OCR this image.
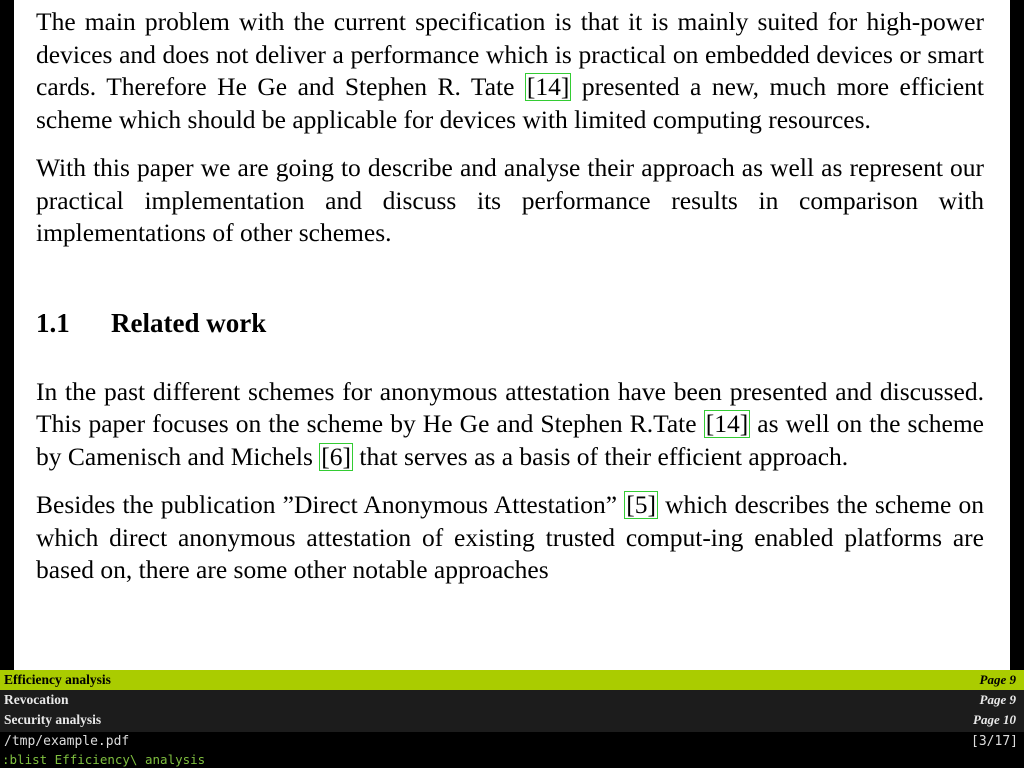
The main problem with the current specification is that it is mainly suited for high-power devices and does not deliver a performance which is practical on embedded devices or smart cards. Therefore He Ge and Stephen R. Tate [14] presented a new, much more efficient scheme which should be applicable for devices with limited computing resources.

With this paper we are going to describe and analyse their approach as well as represent our practical implementation and discuss its performance results in comparison with implementations of other schemes.

1.1 Related work

In the past different schemes for anonymous attestation have been presented and discussed. This paper focuses on the scheme by He Ge and Stephen R.Tate [14] as well on the scheme by Camenisch and Michels [6] that serves as a basis of their efficient approach.

Besides the publication ”Direct Anonymous Attestation” [5] which describes the scheme on which direct anonymous attestation of existing trusted comput-ing enabled platforms are based on, there are some other notable approaches

Efficiency analysis	Page 9
Revocation	Page 9
Security analysis	Page 10
/tmp/example.pdf	[3/17]
:blist Efficiency\ analysis
